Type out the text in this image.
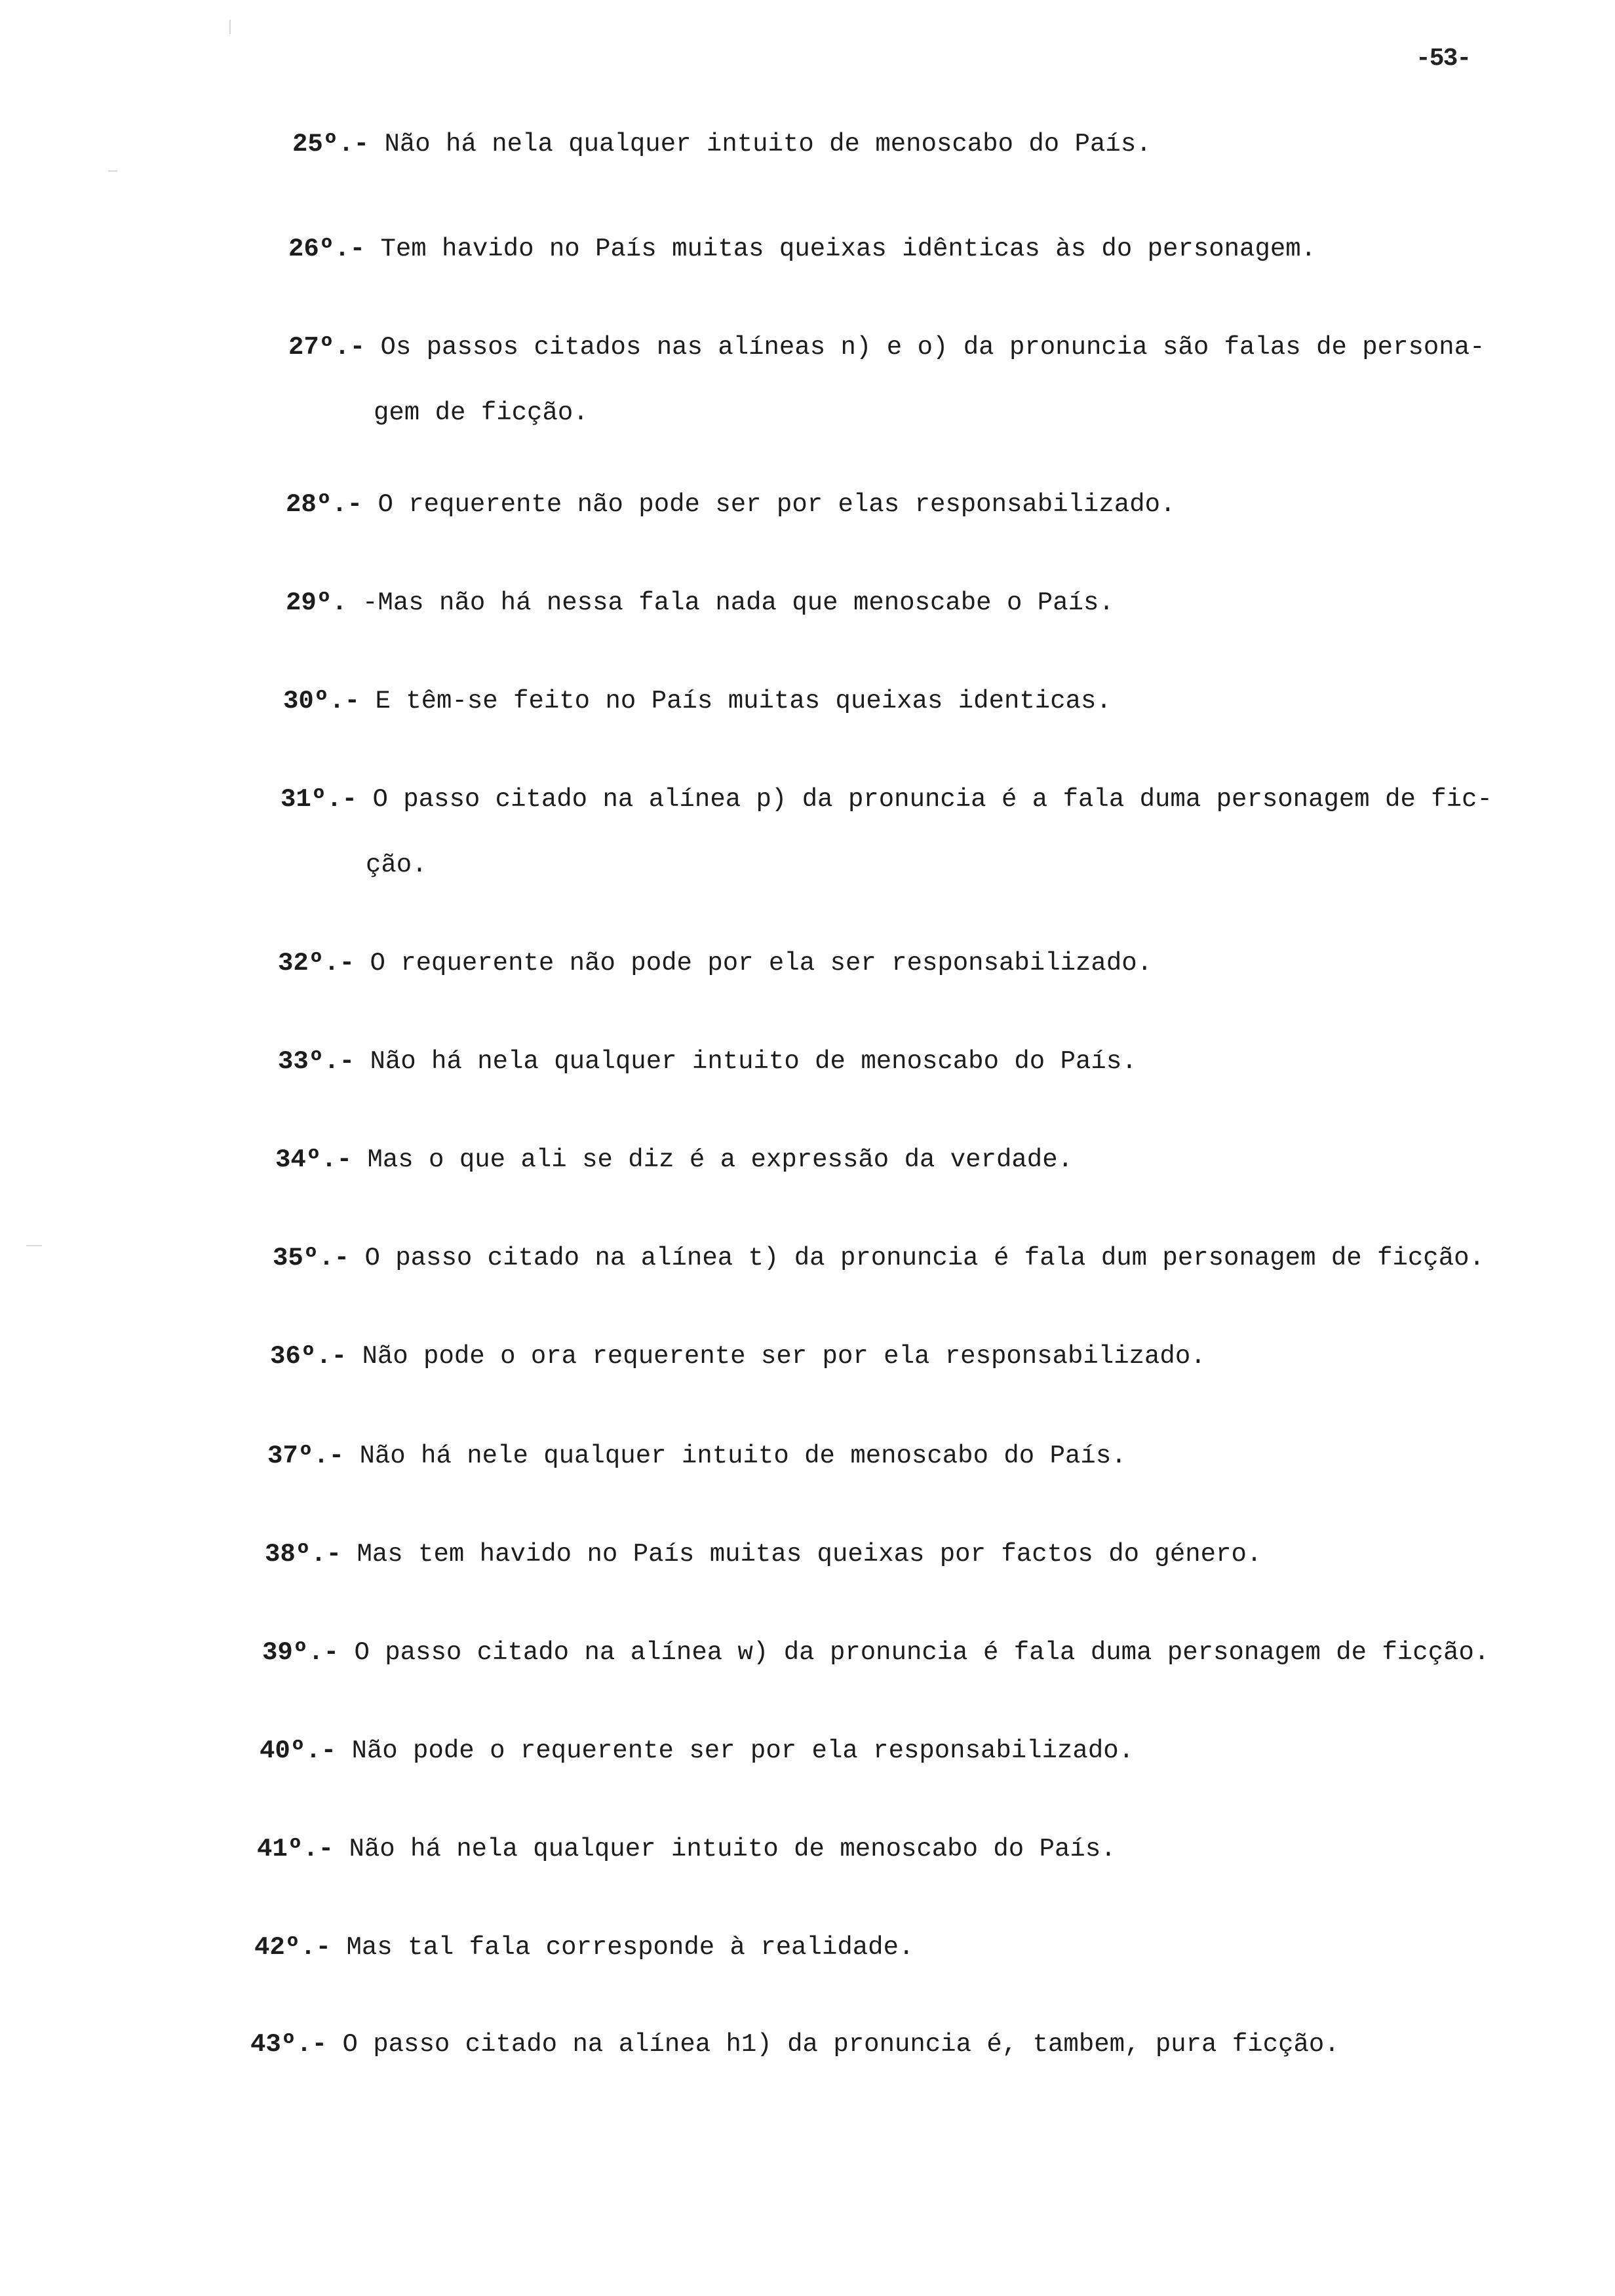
-53-
25º.- Não há nela qualquer intuito de menoscabo do País.
26º.- Tem havido no País muitas queixas idênticas às do personagem.
27º.- Os passos citados nas alíneas n) e o) da pronuncia são falas de persona-
gem de ficção.
28º.- O requerente não pode ser por elas responsabilizado.
29º. -Mas não há nessa fala nada que menoscabe o País.
30º.- E têm-se feito no País muitas queixas identicas.
31º.- O passo citado na alínea p) da pronuncia é a fala duma personagem de fic-
ção.
32º.- O requerente não pode por ela ser responsabilizado.
33º.- Não há nela qualquer intuito de menoscabo do País.
34º.- Mas o que ali se diz é a expressão da verdade.
35º.- O passo citado na alínea t) da pronuncia é fala dum personagem de ficção.
36º.- Não pode o ora requerente ser por ela responsabilizado.
37º.- Não há nele qualquer intuito de menoscabo do País.
38º.- Mas tem havido no País muitas queixas por factos do género.
39º.- O passo citado na alínea w) da pronuncia é fala duma personagem de ficção.
40º.- Não pode o requerente ser por ela responsabilizado.
41º.- Não há nela qualquer intuito de menoscabo do País.
42º.- Mas tal fala corresponde à realidade.
43º.- O passo citado na alínea h1) da pronuncia é, tambem, pura ficção.
